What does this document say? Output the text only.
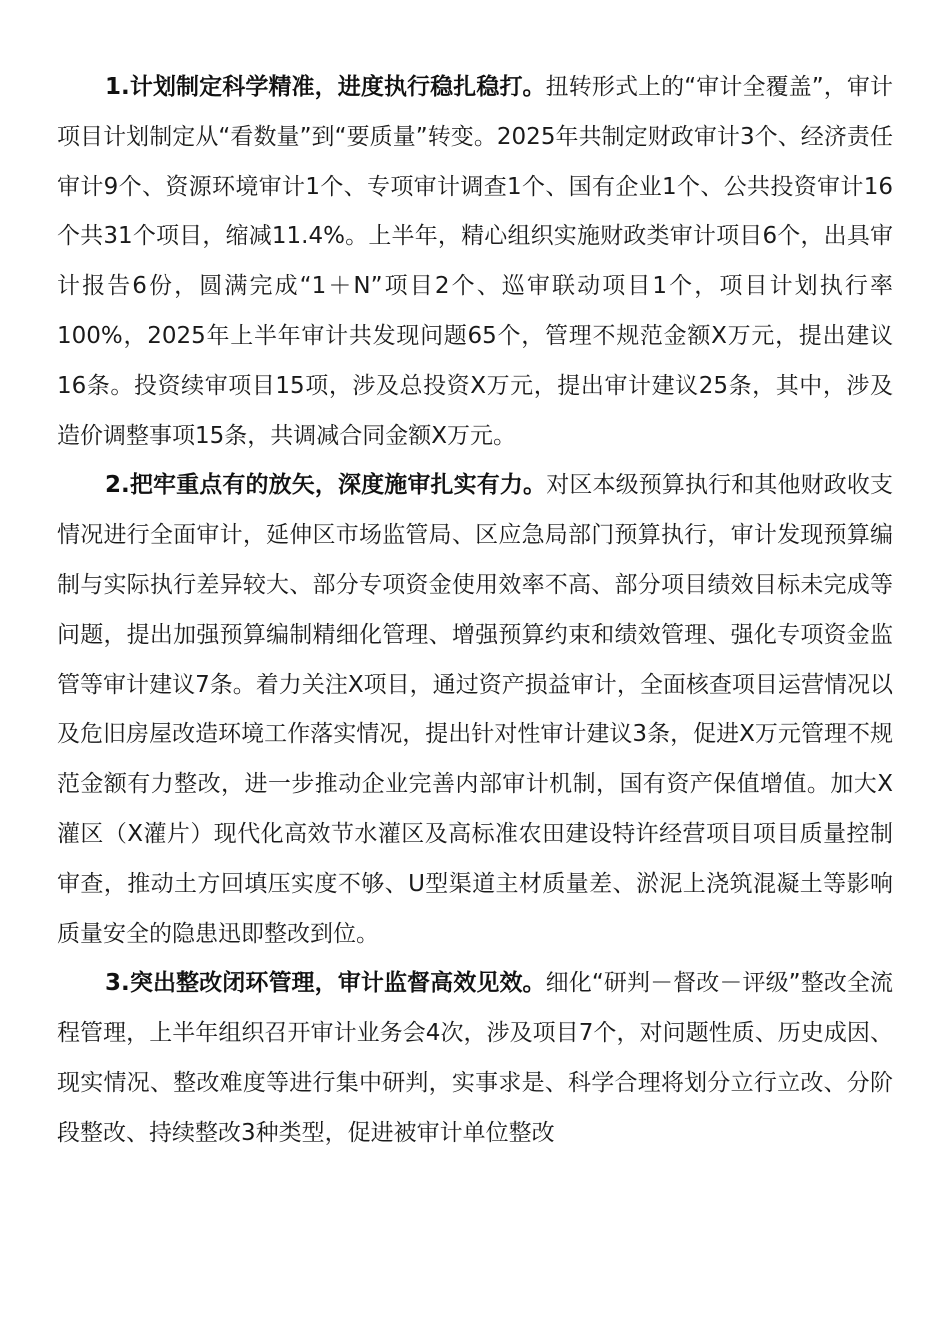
1.计划制定科学精准，进度执行稳扎稳打。扭转形式上的“审计全覆盖”，审计项目计划制定从“看数量”到“要质量”转变。2025年共制定财政审计3个、经济责任审计9个、资源环境审计1个、专项审计调查1个、国有企业1个、公共投资审计16个共31个项目，缩减11.4%。上半年，精心组织实施财政类审计项目6个，出具审计报告6份，圆满完成“1＋N”项目2个、巡审联动项目1个，项目计划执行率100%，2025年上半年审计共发现问题65个，管理不规范金额X万元，提出建议16条。投资续审项目15项，涉及总投资X万元，提出审计建议25条，其中，涉及造价调整事项15条，共调减合同金额X万元。

2.把牢重点有的放矢，深度施审扎实有力。对区本级预算执行和其他财政收支情况进行全面审计，延伸区市场监管局、区应急局部门预算执行，审计发现预算编制与实际执行差异较大、部分专项资金使用效率不高、部分项目绩效目标未完成等问题，提出加强预算编制精细化管理、增强预算约束和绩效管理、强化专项资金监管等审计建议7条。着力关注X项目，通过资产损益审计，全面核查项目运营情况以及危旧房屋改造环境工作落实情况，提出针对性审计建议3条，促进X万元管理不规范金额有力整改，进一步推动企业完善内部审计机制，国有资产保值增值。加大X灌区（X灌片）现代化高效节水灌区及高标准农田建设特许经营项目项目质量控制审查，推动土方回填压实度不够、U型渠道主材质量差、淤泥上浇筑混凝土等影响质量安全的隐患迅即整改到位。

3.突出整改闭环管理，审计监督高效见效。细化“研判－督改－评级”整改全流程管理，上半年组织召开审计业务会4次，涉及项目7个，对问题性质、历史成因、现实情况、整改难度等进行集中研判，实事求是、科学合理将划分立行立改、分阶段整改、持续整改3种类型，促进被审计单位整改
